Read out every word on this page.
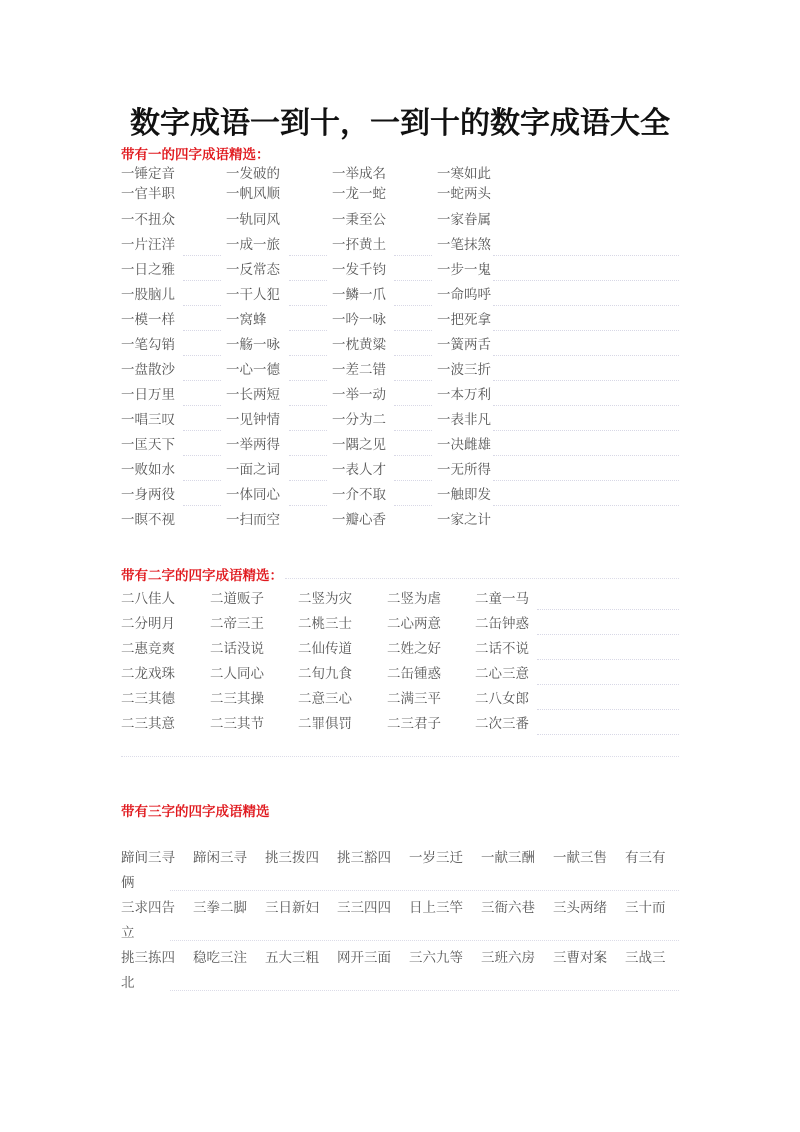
数字成语一到十，一到十的数字成语大全
带有一的四字成语精选：
一锤定音	一发破的	一举成名	一寒如此
一官半职	一帆风顺	一龙一蛇	一蛇两头
一不扭众	一轨同风	一秉至公	一家眷属
一片汪洋	一成一旅	一抔黄土	一笔抹煞
一日之雅	一反常态	一发千钧	一步一鬼
一股脑儿	一干人犯	一鳞一爪	一命呜呼
一模一样	一窝蜂	一吟一咏	一把死拿
一笔勾销	一觞一咏	一枕黄粱	一簧两舌
一盘散沙	一心一德	一差二错	一波三折
一日万里	一长两短	一举一动	一本万利
一唱三叹	一见钟情	一分为二	一表非凡
一匡天下	一举两得	一隅之见	一决雌雄
一败如水	一面之词	一表人才	一无所得
一身两役	一体同心	一介不取	一触即发
一瞑不视	一扫而空	一瓣心香	一家之计
带有二字的四字成语精选：
二八佳人	二道贩子	二竖为灾	二竖为虐	二童一马
二分明月	二帝三王	二桃三士	二心两意	二缶钟惑
二惠竞爽	二话没说	二仙传道	二姓之好	二话不说
二龙戏珠	二人同心	二旬九食	二缶锺惑	二心三意
二三其德	二三其操	二意三心	二满三平	二八女郎
二三其意	二三其节	二罪俱罚	二三君子	二次三番
带有三字的四字成语精选
蹄间三寻 蹄闲三寻 挑三拨四 挑三豁四 一岁三迁 一献三酬 一献三售 有三有俩
三求四告 三拳二脚 三日新妇 三三四四 日上三竿 三衙六巷 三头两绪 三十而立
挑三拣四 稳吃三注 五大三粗 网开三面 三六九等 三班六房 三曹对案 三战三北
